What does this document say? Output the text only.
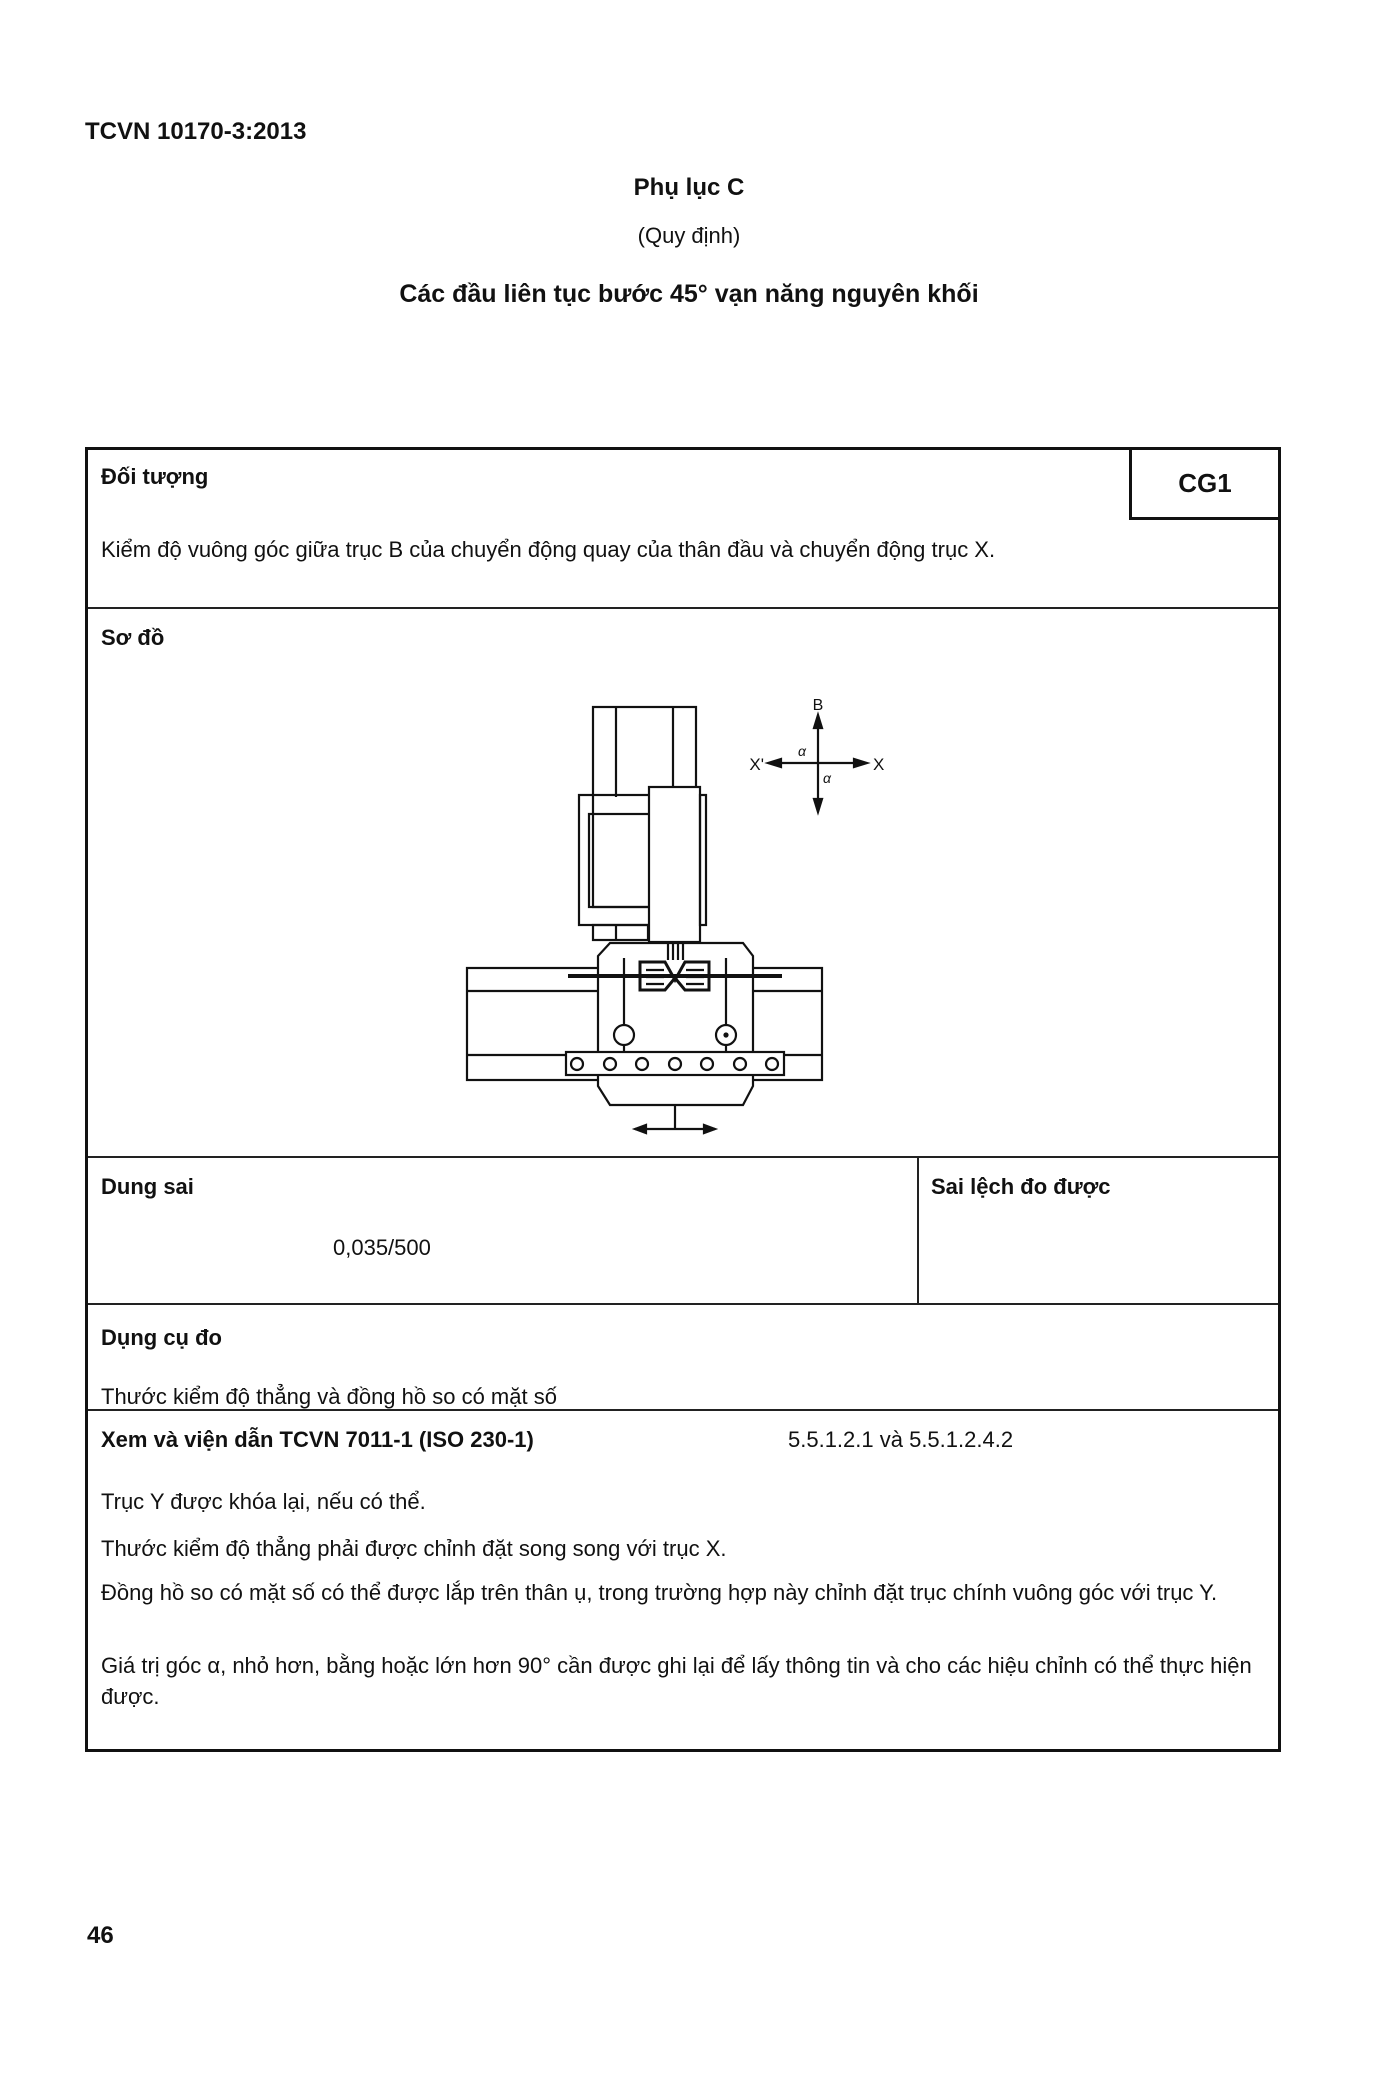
TCVN 10170-3:2013
Phụ lục C
(Quy định)
Các đầu liên tục bước 45° vạn năng nguyên khối
Đối tượng	CG1
Kiểm độ vuông góc giữa trục B của chuyển động quay của thân đầu và chuyển động trục X.
Sơ đồ
Dung sai
0,035/500
Sai lệch đo được
Dụng cụ đo
Thước kiểm độ thẳng và đồng hồ so có mặt số
Xem và viện dẫn TCVN 7011-1 (ISO 230-1)	5.5.1.2.1 và 5.5.1.2.4.2
Trục Y được khóa lại, nếu có thể.
Thước kiểm độ thẳng phải được chỉnh đặt song song với trục X.
Đồng hồ so có mặt số có thể được lắp trên thân ụ, trong trường hợp này chỉnh đặt trục chính vuông góc với trục Y.
Giá trị góc α, nhỏ hơn, bằng hoặc lớn hơn 90° cần được ghi lại để lấy thông tin và cho các hiệu chỉnh có thể thực hiện được.
B
X'	X
α
α
46
